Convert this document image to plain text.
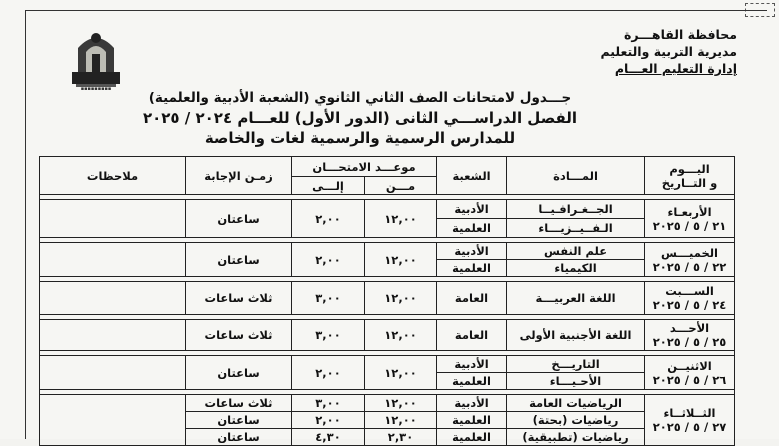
▪▪▪▪▪▪▪▪▪
محافظة القاهـــرة
مديرية التربية والتعليم
إدارة التعليم العـــام
جـــدول لامتحانات الصف الثاني الثانوي (الشعبة الأدبية والعلمية)
الفصل الدراســـي الثانى (الدور الأول) للعـــام ٢٠٢٤ / ٢٠٢٥
للمدارس الرسمية والرسمية لغات والخاصة
اليـــوم
و التــاريخ	المـــادة	الشعبة	موعـــد الامتحـــان		زمـن الإجابة	ملاحظات
			مـــن	إلـــى		

الأربعـاء
٢١ / ٥ / ٢٠٢٥	الجــغـرافـيــا	الأدبية	١٢,٠٠	٢,٠٠	ساعتان	
	الـفــيــزيـــاء	العلمية				

الخميـــس
٢٢ / ٥ / ٢٠٢٥	علم النفس	الأدبية	١٢,٠٠	٢,٠٠	ساعتان	
	الكيمياء	العلمية				

الســـبت
٢٤ / ٥ / ٢٠٢٥	اللغة العربيـــة	العامة	١٢,٠٠	٣,٠٠	ثلاث ساعات	

الأحـــد
٢٥ / ٥ / ٢٠٢٥	اللغة الأجنبية الأولى	العامة	١٢,٠٠	٣,٠٠	ثلاث ساعات	

الاثنيــن
٢٦ / ٥ / ٢٠٢٥	التاريـــخ	الأدبية	١٢,٠٠	٢,٠٠	ساعتان	
	الأحـيـــاء	العلمية				

الثــلاثــاء
٢٧ / ٥ / ٢٠٢٥	الرياضيات العامة	الأدبية	١٢,٠٠	٣,٠٠	ثلاث ساعات	
	رياضيات (بحتة)	العلمية	١٢,٠٠	٢,٠٠	ساعتان	
	رياضيات (تطبيقية)	العلمية	٢,٣٠	٤,٣٠	ساعتان	
